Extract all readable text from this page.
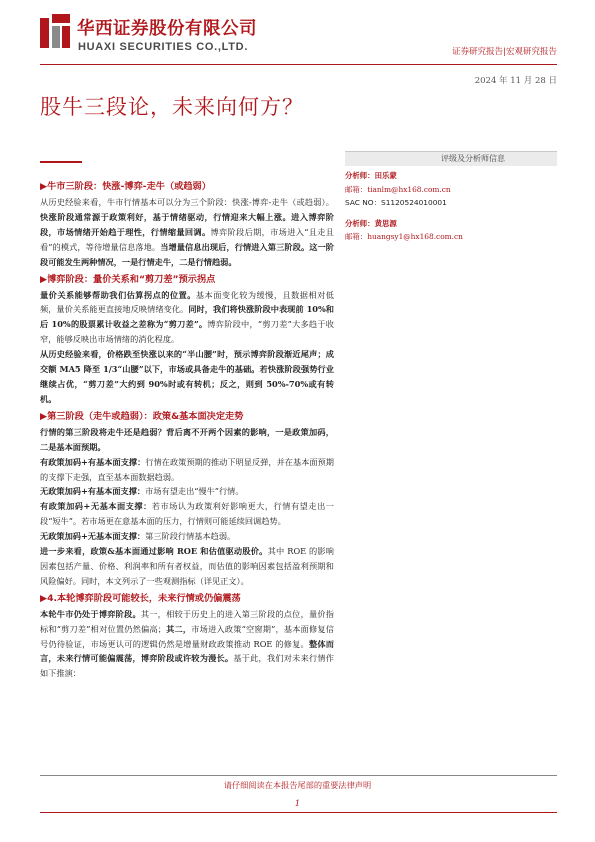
华西证券股份有限公司
HUAXI SECURITIES CO.,LTD.	证券研究报告|宏观研究报告
2024 年 11 月 28 日
股牛三段论，未来向何方？
▶牛市三阶段：快涨-博弈-走牛（或趋弱）

从历史经验来看，牛市行情基本可以分为三个阶段：快涨-博弈-走牛（或趋弱）。快涨阶段通常源于政策利好，基于情绪驱动，行情迎来大幅上涨。进入博弈阶段，市场情绪开始趋于理性，行情缩量回调。博弈阶段后期，市场进入“且走且看”的模式，等待增量信息落地。当增量信息出现后，行情进入第三阶段。这一阶段可能发生两种情况，一是行情走牛，二是行情趋弱。

▶博弈阶段：量价关系和“剪刀差”预示拐点

量价关系能够帮助我们估算拐点的位置。基本面变化较为缓慢，且数据相对低频，量价关系能更直接地反映情绪变化。同时，我们将快涨阶段中表现前 10%和后 10%的股票累计收益之差称为“剪刀差”。博弈阶段中，“剪刀差”大多趋于收窄，能够反映出市场情绪的消化程度。

从历史经验来看，价格跌至快涨以来的“半山腰”时，预示博弈阶段渐近尾声；成交额 MA5 降至 1/3“山腰”以下，市场或具备走牛的基础。若快涨阶段强势行业继续占优，“剪刀差”大约到 90%时或有转机；反之，则到 50%-70%或有转机。

▶第三阶段（走牛或趋弱）：政策&基本面决定走势

行情的第三阶段将走牛还是趋弱？背后离不开两个因素的影响，一是政策加码，二是基本面预期。

有政策加码+有基本面支撑：行情在政策预期的推动下明显反弹，并在基本面预期的支撑下走强，直至基本面数据趋弱。

无政策加码+有基本面支撑：市场有望走出“慢牛”行情。

有政策加码+无基本面支撑：若市场认为政策利好影响更大，行情有望走出一段“短牛”。若市场更在意基本面的压力，行情则可能延续回调趋势。

无政策加码+无基本面支撑：第三阶段行情基本趋弱。

进一步来看，政策&基本面通过影响 ROE 和估值驱动股价。其中 ROE 的影响因素包括产量、价格、利润率和所有者权益，而估值的影响因素包括盈利预期和风险偏好。同时，本文列示了一些观测指标（详见正文）。

▶4.本轮博弈阶段可能较长，未来行情或仍偏震荡

本轮牛市仍处于博弈阶段。其一，相较于历史上的进入第三阶段的点位，量价指标和“剪刀差”相对位置仍然偏高；其二，市场进入政策“空窗期”，基本面修复信号仍待验证，市场更认可的逻辑仍然是增量财政政策推动 ROE 的修复。整体而言，未来行情可能偏震荡，博弈阶段或许较为漫长。基于此，我们对未来行情作如下推演：

评级及分析师信息
分析师：田乐蒙
邮箱：tianlm@hx168.com.cn
SAC NO：S1120524010001
分析师：黄思源
邮箱：huangsy1@hx168.com.cn
请仔细阅读在本报告尾部的重要法律声明
1
